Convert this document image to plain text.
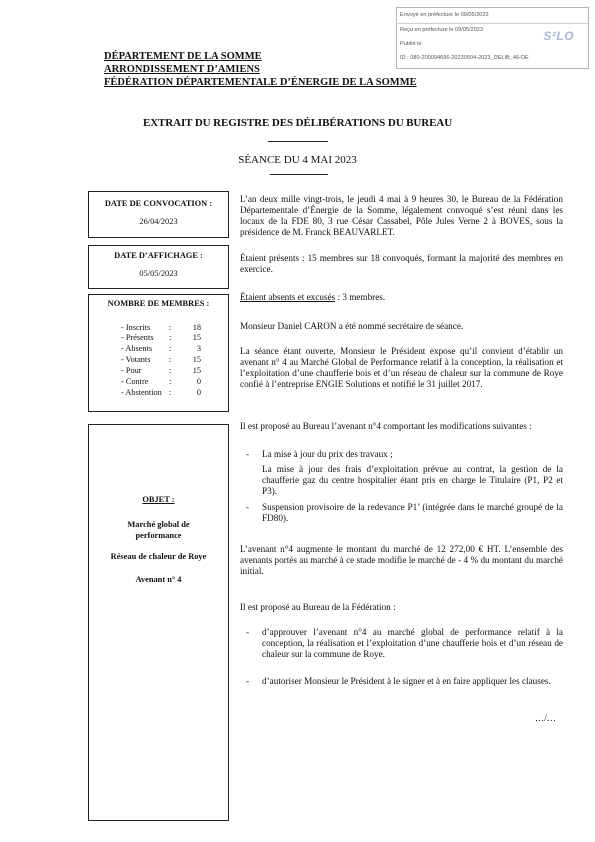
Envoyé en préfecture le 09/05/2023
Reçu en préfecture le 09/05/2023
Publié le
ID : 080-200094696-20230504-2023_DELIB_46-DE
S²LO
DÉPARTEMENT DE LA SOMME
ARRONDISSEMENT D’AMIENS
FÉDÉRATION DÉPARTEMENTALE D’ÉNERGIE DE LA SOMME
EXTRAIT DU REGISTRE DES DÉLIBÉRATIONS DU BUREAU
SÉANCE DU 4 MAI 2023
DATE DE CONVOCATION :
26/04/2023
DATE D’AFFICHAGE :
05/05/2023
NOMBRE DE MEMBRES :
- Inscrits :	18
- Présents :	15
- Absents :	3
- Votants :	15
- Pour	:	15
- Contre :	0
- Abstention :	0
OBJET :
Marché global de
performance
Réseau de chaleur de Roye
Avenant n° 4

L’an deux mille vingt-trois, le jeudi 4 mai à 9 heures 30, le Bureau de la Fédération Départementale d’Énergie de la Somme, légalement convoqué s’est réuni dans les locaux de la FDE 80, 3 rue César Cassabel, Pôle Jules Verne 2 à BOVES, sous la présidence de M. Franck BEAUVARLET.

Étaient présents : 15 membres sur 18 convoqués, formant la majorité des membres en exercice.

Étaient absents et excusés : 3 membres.

Monsieur Daniel CARON a été nommé secrétaire de séance.

La séance étant ouverte, Monsieur le Président expose qu’il convient d’établir un avenant n° 4 au Marché Global de Performance relatif à la conception, la réalisation et l’exploitation d’une chaufferie bois et d’un réseau de chaleur sur la commune de Roye confié à l’entreprise ENGIE Solutions et notifié le 31 juillet 2017.

Il est proposé au Bureau l’avenant n°4 comportant les modifications suivantes :

- La mise à jour du prix des travaux ;

La mise à jour des frais d’exploitation prévue au contrat, la gestion de la chaufferie gaz du centre hospitalier étant pris en charge le Titulaire (P1, P2 et P3).

- Suspension provisoire de la redevance P1’ (intégrée dans le marché groupé de la FD80).

L’avenant n°4 augmente le montant du marché de 12 272,00 € HT. L’ensemble des avenants portés au marché à ce stade modifie le marché de - 4 % du montant du marché initial.

Il est proposé au Bureau de la Fédération :

- d’approuver l’avenant n°4 au marché global de performance relatif à la conception, la réalisation et l’exploitation d’une chaufferie bois et d’un réseau de chaleur sur la commune de Roye.

- d’autoriser Monsieur le Président à le signer et à en faire appliquer les clauses.

…/…
